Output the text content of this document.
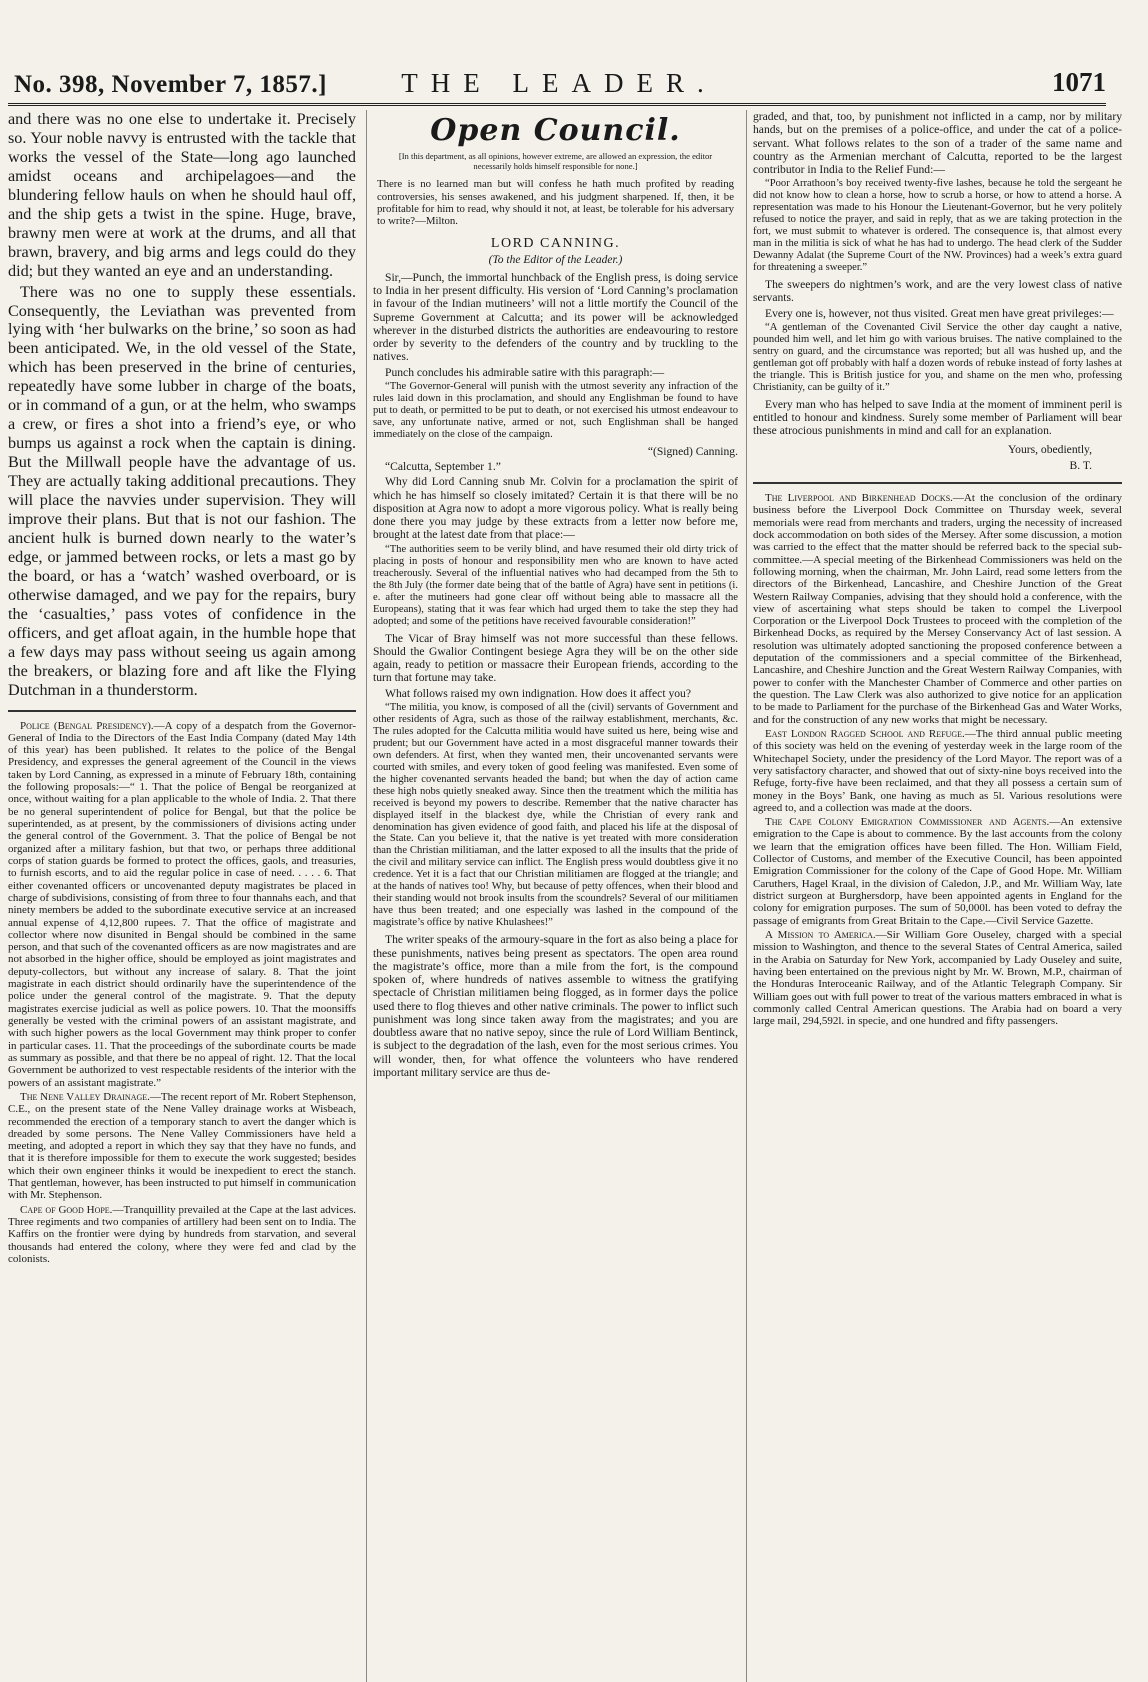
No. 398, November 7, 1857.]	THE LEADER.	1071

and there was no one else to undertake it. Precisely so. Your noble navvy is entrusted with the tackle that works the vessel of the State—long ago launched amidst oceans and archipelagoes—and the blundering fellow hauls on when he should haul off, and the ship gets a twist in the spine. Huge, brave, brawny men were at work at the drums, and all that brawn, bravery, and big arms and legs could do they did; but they wanted an eye and an understanding.

There was no one to supply these essentials. Consequently, the Leviathan was prevented from lying with ‘her bulwarks on the brine,’ so soon as had been anticipated. We, in the old vessel of the State, which has been preserved in the brine of centuries, repeatedly have some lubber in charge of the boats, or in command of a gun, or at the helm, who swamps a crew, or fires a shot into a friend’s eye, or who bumps us against a rock when the captain is dining. But the Millwall people have the advantage of us. They are actually taking additional precautions. They will place the navvies under supervision. They will improve their plans. But that is not our fashion. The ancient hulk is burned down nearly to the water’s edge, or jammed between rocks, or lets a mast go by the board, or has a ‘watch’ washed overboard, or is otherwise damaged, and we pay for the repairs, bury the ‘casualties,’ pass votes of confidence in the officers, and get afloat again, in the humble hope that a few days may pass without seeing us again among the breakers, or blazing fore and aft like the Flying Dutchman in a thunderstorm.

Police (Bengal Presidency).—A copy of a despatch from the Governor-General of India to the Directors of the East India Company (dated May 14th of this year) has been published. It relates to the police of the Bengal Presidency, and expresses the general agreement of the Council in the views taken by Lord Canning, as expressed in a minute of February 18th, containing the following proposals:—“ 1. That the police of Bengal be reorganized at once, without waiting for a plan applicable to the whole of India. 2. That there be no general superintendent of police for Bengal, but that the police be superintended, as at present, by the commissioners of divisions acting under the general control of the Government. 3. That the police of Bengal be not organized after a military fashion, but that two, or perhaps three additional corps of station guards be formed to protect the offices, gaols, and treasuries, to furnish escorts, and to aid the regular police in case of need. . . . . 6. That either covenanted officers or uncovenanted deputy magistrates be placed in charge of subdivisions, consisting of from three to four thannahs each, and that ninety members be added to the subordinate executive service at an increased annual expense of 4,12,800 rupees. 7. That the office of magistrate and collector where now disunited in Bengal should be combined in the same person, and that such of the covenanted officers as are now magistrates and are not absorbed in the higher office, should be employed as joint magistrates and deputy-collectors, but without any increase of salary. 8. That the joint magistrate in each district should ordinarily have the superintendence of the police under the general control of the magistrate. 9. That the deputy magistrates exercise judicial as well as police powers. 10. That the moonsiffs generally be vested with the criminal powers of an assistant magistrate, and with such higher powers as the local Government may think proper to confer in particular cases. 11. That the proceedings of the subordinate courts be made as summary as possible, and that there be no appeal of right. 12. That the local Government be authorized to vest respectable residents of the interior with the powers of an assistant magistrate.”

The Nene Valley Drainage.—The recent report of Mr. Robert Stephenson, C.E., on the present state of the Nene Valley drainage works at Wisbeach, recommended the erection of a temporary stanch to avert the danger which is dreaded by some persons. The Nene Valley Commissioners have held a meeting, and adopted a report in which they say that they have no funds, and that it is therefore impossible for them to execute the work suggested; besides which their own engineer thinks it would be inexpedient to erect the stanch. That gentleman, however, has been instructed to put himself in communication with Mr. Stephenson.

Cape of Good Hope.—Tranquillity prevailed at the Cape at the last advices. Three regiments and two companies of artillery had been sent on to India. The Kaffirs on the frontier were dying by hundreds from starvation, and several thousands had entered the colony, where they were fed and clad by the colonists.

Open Council.
[In this department, as all opinions, however extreme, are allowed an expression, the editor necessarily holds himself responsible for none.]
There is no learned man but will confess he hath much profited by reading controversies, his senses awakened, and his judgment sharpened. If, then, it be profitable for him to read, why should it not, at least, be tolerable for his adversary to write?—Milton.
LORD CANNING.
(To the Editor of the Leader.)

Sir,—Punch, the immortal hunchback of the English press, is doing service to India in her present difficulty. His version of ‘Lord Canning’s proclamation in favour of the Indian mutineers’ will not a little mortify the Council of the Supreme Government at Calcutta; and its power will be acknowledged wherever in the disturbed districts the authorities are endeavouring to restore order by severity to the defenders of the country and by truckling to the natives.

Punch concludes his admirable satire with this paragraph:—

“The Governor-General will punish with the utmost severity any infraction of the rules laid down in this proclamation, and should any Englishman be found to have put to death, or permitted to be put to death, or not exercised his utmost endeavour to save, any unfortunate native, armed or not, such Englishman shall be hanged immediately on the close of the campaign.

“(Signed) Canning.

“Calcutta, September 1.”

Why did Lord Canning snub Mr. Colvin for a proclamation the spirit of which he has himself so closely imitated? Certain it is that there will be no disposition at Agra now to adopt a more vigorous policy. What is really being done there you may judge by these extracts from a letter now before me, brought at the latest date from that place:—

“The authorities seem to be verily blind, and have resumed their old dirty trick of placing in posts of honour and responsibility men who are known to have acted treacherously. Several of the influential natives who had decamped from the 5th to the 8th July (the former date being that of the battle of Agra) have sent in petitions (i. e. after the mutineers had gone clear off without being able to massacre all the Europeans), stating that it was fear which had urged them to take the step they had adopted; and some of the petitions have received favourable consideration!”

The Vicar of Bray himself was not more successful than these fellows. Should the Gwalior Contingent besiege Agra they will be on the other side again, ready to petition or massacre their European friends, according to the turn that fortune may take.

What follows raised my own indignation. How does it affect you?

“The militia, you know, is composed of all the (civil) servants of Government and other residents of Agra, such as those of the railway establishment, merchants, &c. The rules adopted for the Calcutta militia would have suited us here, being wise and prudent; but our Government have acted in a most disgraceful manner towards their own defenders. At first, when they wanted men, their uncovenanted servants were courted with smiles, and every token of good feeling was manifested. Even some of the higher covenanted servants headed the band; but when the day of action came these high nobs quietly sneaked away. Since then the treatment which the militia has received is beyond my powers to describe. Remember that the native character has displayed itself in the blackest dye, while the Christian of every rank and denomination has given evidence of good faith, and placed his life at the disposal of the State. Can you believe it, that the native is yet treated with more consideration than the Christian militiaman, and the latter exposed to all the insults that the pride of the civil and military service can inflict. The English press would doubtless give it no credence. Yet it is a fact that our Christian militiamen are flogged at the triangle; and at the hands of natives too! Why, but because of petty offences, when their blood and their standing would not brook insults from the scoundrels? Several of our militiamen have thus been treated; and one especially was lashed in the compound of the magistrate’s office by native Khulashees!”

The writer speaks of the armoury-square in the fort as also being a place for these punishments, natives being present as spectators. The open area round the magistrate’s office, more than a mile from the fort, is the compound spoken of, where hundreds of natives assemble to witness the gratifying spectacle of Christian militiamen being flogged, as in former days the police used there to flog thieves and other native criminals. The power to inflict such punishment was long since taken away from the magistrates; and you are doubtless aware that no native sepoy, since the rule of Lord William Bentinck, is subject to the degradation of the lash, even for the most serious crimes. You will wonder, then, for what offence the volunteers who have rendered important military service are thus de-

graded, and that, too, by punishment not inflicted in a camp, nor by military hands, but on the premises of a police-office, and under the cat of a police-servant. What follows relates to the son of a trader of the same name and country as the Armenian merchant of Calcutta, reported to be the largest contributor in India to the Relief Fund:—

“Poor Arrathoon’s boy received twenty-five lashes, because he told the sergeant he did not know how to clean a horse, how to scrub a horse, or how to attend a horse. A representation was made to his Honour the Lieutenant-Governor, but he very politely refused to notice the prayer, and said in reply, that as we are taking protection in the fort, we must submit to whatever is ordered. The consequence is, that almost every man in the militia is sick of what he has had to undergo. The head clerk of the Sudder Dewanny Adalat (the Supreme Court of the NW. Provinces) had a week’s extra guard for threatening a sweeper.”

The sweepers do nightmen’s work, and are the very lowest class of native servants.

Every one is, however, not thus visited. Great men have great privileges:—

“A gentleman of the Covenanted Civil Service the other day caught a native, pounded him well, and let him go with various bruises. The native complained to the sentry on guard, and the circumstance was reported; but all was hushed up, and the gentleman got off probably with half a dozen words of rebuke instead of forty lashes at the triangle. This is British justice for you, and shame on the men who, professing Christianity, can be guilty of it.”

Every man who has helped to save India at the moment of imminent peril is entitled to honour and kindness. Surely some member of Parliament will bear these atrocious punishments in mind and call for an explanation.

Yours, obediently,
B. T.

The Liverpool and Birkenhead Docks.—At the conclusion of the ordinary business before the Liverpool Dock Committee on Thursday week, several memorials were read from merchants and traders, urging the necessity of increased dock accommodation on both sides of the Mersey. After some discussion, a motion was carried to the effect that the matter should be referred back to the special sub-committee.—A special meeting of the Birkenhead Commissioners was held on the following morning, when the chairman, Mr. John Laird, read some letters from the directors of the Birkenhead, Lancashire, and Cheshire Junction of the Great Western Railway Companies, advising that they should hold a conference, with the view of ascertaining what steps should be taken to compel the Liverpool Corporation or the Liverpool Dock Trustees to proceed with the completion of the Birkenhead Docks, as required by the Mersey Conservancy Act of last session. A resolution was ultimately adopted sanctioning the proposed conference between a deputation of the commissioners and a special committee of the Birkenhead, Lancashire, and Cheshire Junction and the Great Western Railway Companies, with power to confer with the Manchester Chamber of Commerce and other parties on the question. The Law Clerk was also authorized to give notice for an application to be made to Parliament for the purchase of the Birkenhead Gas and Water Works, and for the construction of any new works that might be necessary.

East London Ragged School and Refuge.—The third annual public meeting of this society was held on the evening of yesterday week in the large room of the Whitechapel Society, under the presidency of the Lord Mayor. The report was of a very satisfactory character, and showed that out of sixty-nine boys received into the Refuge, forty-five have been reclaimed, and that they all possess a certain sum of money in the Boys’ Bank, one having as much as 5l. Various resolutions were agreed to, and a collection was made at the doors.

The Cape Colony Emigration Commissioner and Agents.—An extensive emigration to the Cape is about to commence. By the last accounts from the colony we learn that the emigration offices have been filled. The Hon. William Field, Collector of Customs, and member of the Executive Council, has been appointed Emigration Commissioner for the colony of the Cape of Good Hope. Mr. William Caruthers, Hagel Kraal, in the division of Caledon, J.P., and Mr. William Way, late district surgeon at Burghersdorp, have been appointed agents in England for the colony for emigration purposes. The sum of 50,000l. has been voted to defray the passage of emigrants from Great Britain to the Cape.—Civil Service Gazette.

A Mission to America.—Sir William Gore Ouseley, charged with a special mission to Washington, and thence to the several States of Central America, sailed in the Arabia on Saturday for New York, accompanied by Lady Ouseley and suite, having been entertained on the previous night by Mr. W. Brown, M.P., chairman of the Honduras Interoceanic Railway, and of the Atlantic Telegraph Company. Sir William goes out with full power to treat of the various matters embraced in what is commonly called Central American questions. The Arabia had on board a very large mail, 294,592l. in specie, and one hundred and fifty passengers.
